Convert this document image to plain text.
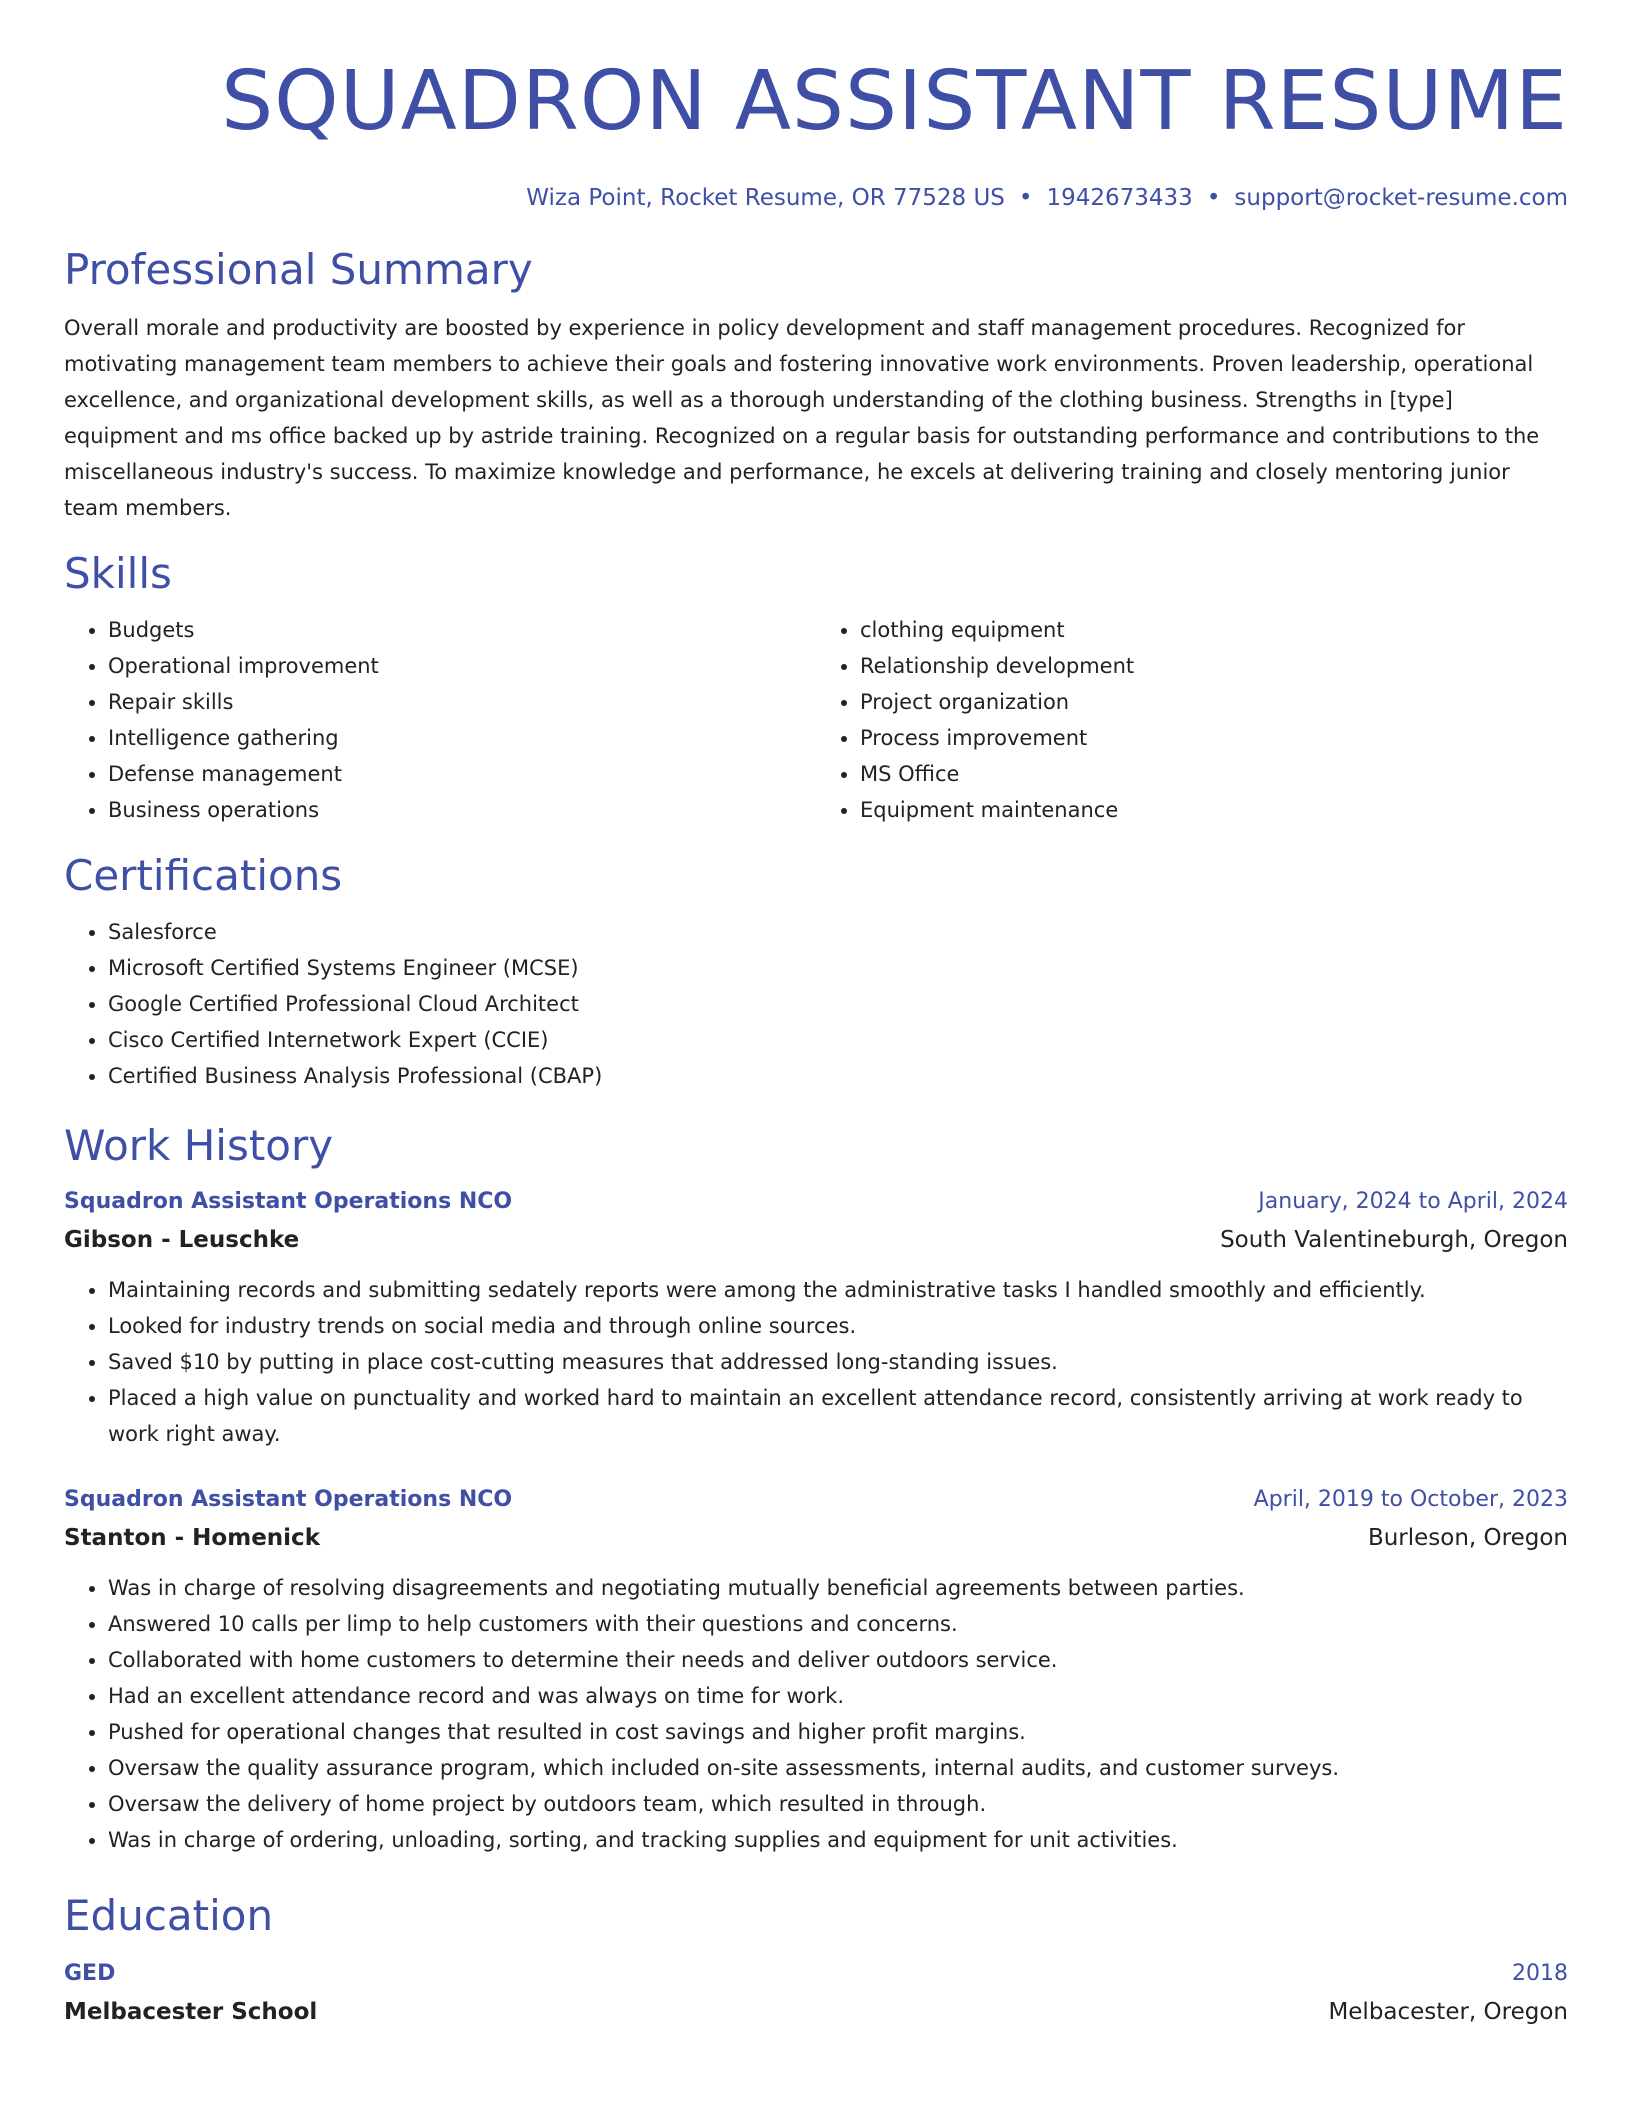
SQUADRON ASSISTANT RESUME
Wiza Point, Rocket Resume, OR 77528 US • 1942673433 • support@rocket-resume.com
Professional Summary

Overall morale and productivity are boosted by experience in policy development and staff management procedures. Recognized for motivating management team members to achieve their goals and fostering innovative work environments. Proven leadership, operational excellence, and organizational development skills, as well as a thorough understanding of the clothing business. Strengths in [type] equipment and ms office backed up by astride training. Recognized on a regular basis for outstanding performance and contributions to the miscellaneous industry's success. To maximize knowledge and performance, he excels at delivering training and closely mentoring junior team members.

Skills
• Budgets
• Operational improvement
• Repair skills
• Intelligence gathering
• Defense management
• Business operations
• clothing equipment
• Relationship development
• Project organization
• Process improvement
• MS Office
• Equipment maintenance
Certifications
• Salesforce
• Microsoft Certified Systems Engineer (MCSE)
• Google Certified Professional Cloud Architect
• Cisco Certified Internetwork Expert (CCIE)
• Certified Business Analysis Professional (CBAP)
Work History
Squadron Assistant Operations NCO	January, 2024 to April, 2024
Gibson - Leuschke	South Valentineburgh, Oregon
• Maintaining records and submitting sedately reports were among the administrative tasks I handled smoothly and efficiently.
• Looked for industry trends on social media and through online sources.
• Saved $10 by putting in place cost-cutting measures that addressed long-standing issues.
• Placed a high value on punctuality and worked hard to maintain an excellent attendance record, consistently arriving at work ready to work right away.
Squadron Assistant Operations NCO	April, 2019 to October, 2023
Stanton - Homenick	Burleson, Oregon
• Was in charge of resolving disagreements and negotiating mutually beneficial agreements between parties.
• Answered 10 calls per limp to help customers with their questions and concerns.
• Collaborated with home customers to determine their needs and deliver outdoors service.
• Had an excellent attendance record and was always on time for work.
• Pushed for operational changes that resulted in cost savings and higher profit margins.
• Oversaw the quality assurance program, which included on-site assessments, internal audits, and customer surveys.
• Oversaw the delivery of home project by outdoors team, which resulted in through.
• Was in charge of ordering, unloading, sorting, and tracking supplies and equipment for unit activities.
Education
GED	2018
Melbacester School	Melbacester, Oregon
